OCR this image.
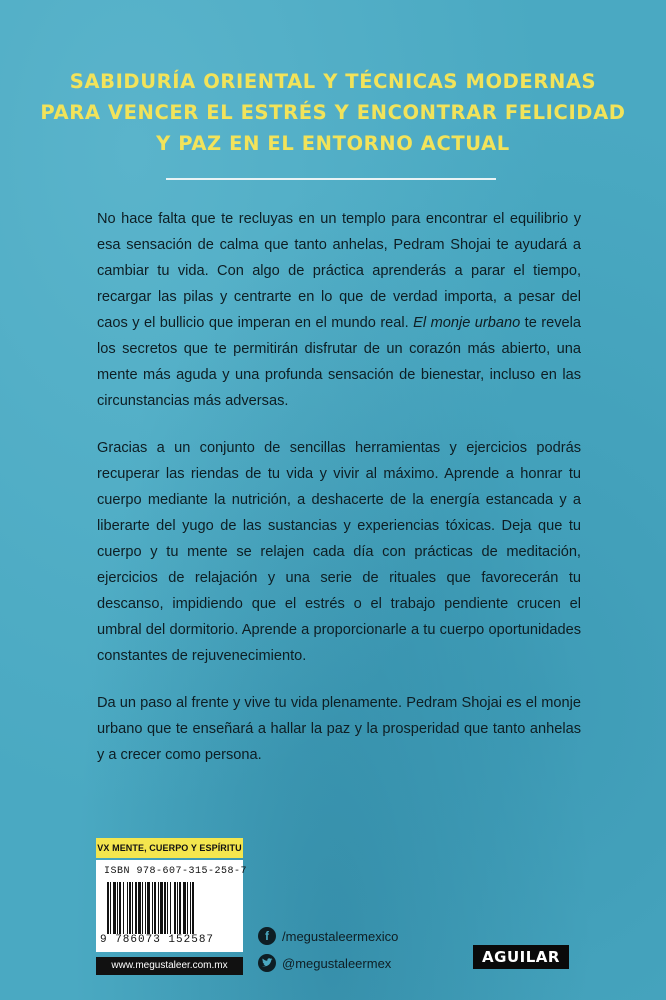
SABIDURÍA ORIENTAL Y TÉCNICAS MODERNAS
PARA VENCER EL ESTRÉS Y ENCONTRAR FELICIDAD
Y PAZ EN EL ENTORNO ACTUAL

No hace falta que te recluyas en un templo para encontrar el equilibrio y esa sensación de calma que tanto anhelas, Pedram Shojai te ayudará a cambiar tu vida. Con algo de práctica aprenderás a parar el tiempo, recargar las pilas y centrarte en lo que de verdad importa, a pesar del caos y el bullicio que imperan en el mundo real. El monje urbano te revela los secretos que te permitirán disfrutar de un corazón más abierto, una mente más aguda y una profunda sensación de bienestar, incluso en las circunstancias más adversas.

Gracias a un conjunto de sencillas herramientas y ejercicios podrás recuperar las riendas de tu vida y vivir al máximo. Aprende a honrar tu cuerpo mediante la nutrición, a deshacerte de la energía estancada y a liberarte del yugo de las sustancias y experiencias tóxicas. Deja que tu cuerpo y tu mente se relajen cada día con prácticas de meditación, ejercicios de relajación y una serie de rituales que favorecerán tu descanso, impidiendo que el estrés o el trabajo pendiente crucen el umbral del dormitorio. Aprende a proporcionarle a tu cuerpo oportunidades constantes de rejuvenecimiento.

Da un paso al frente y vive tu vida plenamente. Pedram Shojai es el monje urbano que te enseñará a hallar la paz y la prosperidad que tanto anhelas y a crecer como persona.

VX MENTE, CUERPO Y ESPÍRITU
ISBN 978-607-315-258-7
9 786073 152587
www.megustaleer.com.mx
f	/megustaleermexico
@megustaleermex	AGUILAR
